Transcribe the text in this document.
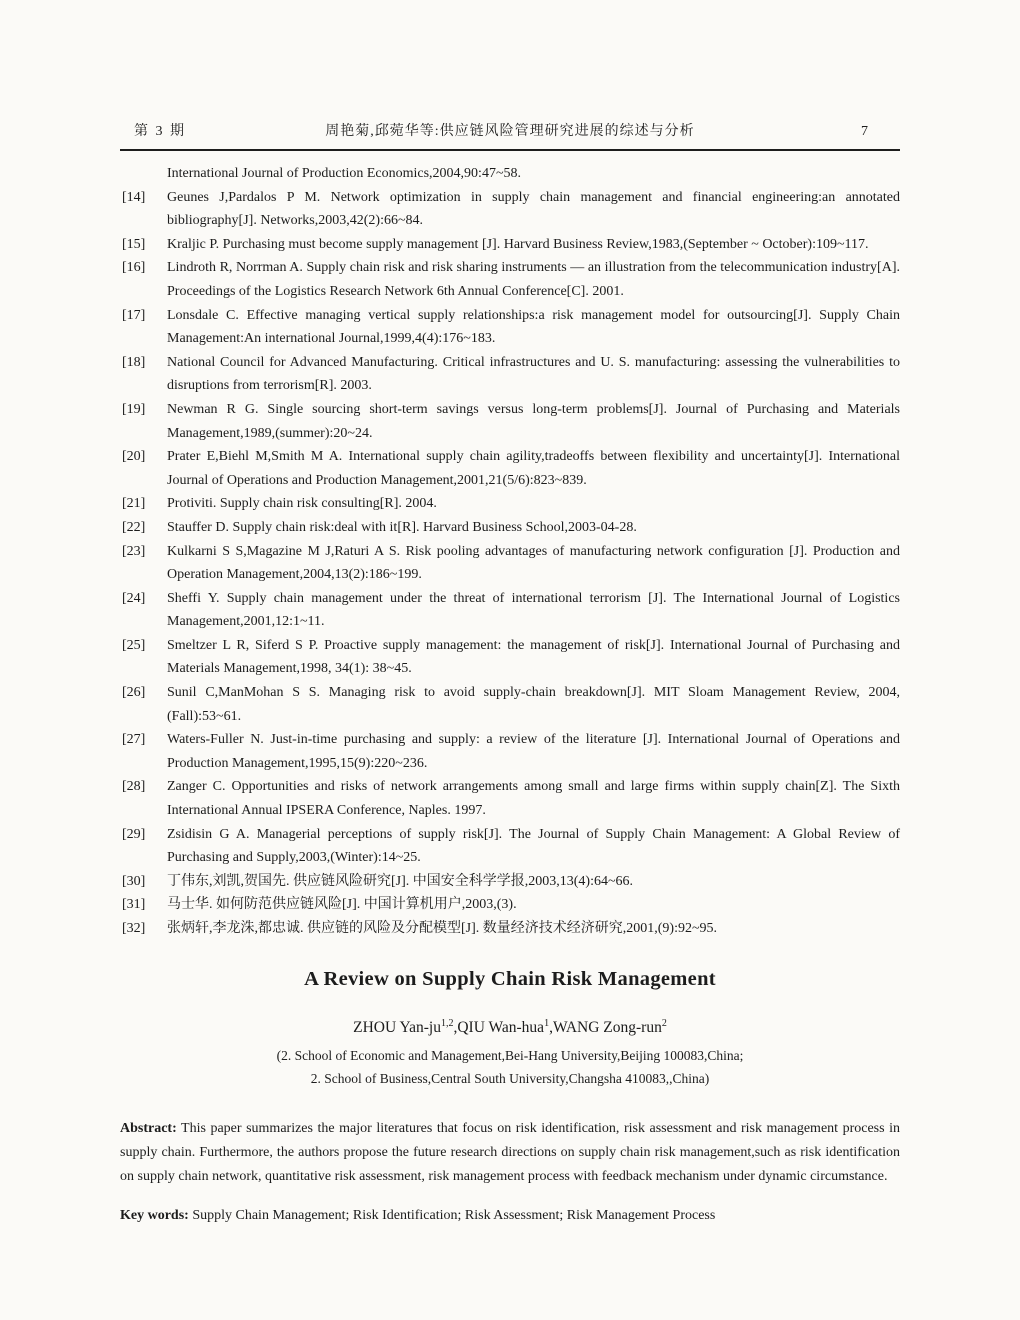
第 3 期	周艳菊,邱菀华等:供应链风险管理研究进展的综述与分析	7
International Journal of Production Economics,2004,90:47~58.
[14] Geunes J,Pardalos P M. Network optimization in supply chain management and financial engineering:an annotated bibliography[J]. Networks,2003,42(2):66~84.
[15] Kraljic P. Purchasing must become supply management [J]. Harvard Business Review,1983,(September ~ October):109~117.
[16] Lindroth R, Norrman A. Supply chain risk and risk sharing instruments — an illustration from the telecommunication industry[A]. Proceedings of the Logistics Research Network 6th Annual Conference[C]. 2001.
[17] Lonsdale C. Effective managing vertical supply relationships:a risk management model for outsourcing[J]. Supply Chain Management:An international Journal,1999,4(4):176~183.
[18] National Council for Advanced Manufacturing. Critical infrastructures and U. S. manufacturing: assessing the vulnerabilities to disruptions from terrorism[R]. 2003.
[19] Newman R G. Single sourcing short-term savings versus long-term problems[J]. Journal of Purchasing and Materials Management,1989,(summer):20~24.
[20] Prater E,Biehl M,Smith M A. International supply chain agility,tradeoffs between flexibility and uncertainty[J]. International Journal of Operations and Production Management,2001,21(5/6):823~839.
[21] Protiviti. Supply chain risk consulting[R]. 2004.
[22] Stauffer D. Supply chain risk:deal with it[R]. Harvard Business School,2003-04-28.
[23] Kulkarni S S,Magazine M J,Raturi A S. Risk pooling advantages of manufacturing network configuration [J]. Production and Operation Management,2004,13(2):186~199.
[24] Sheffi Y. Supply chain management under the threat of international terrorism [J]. The International Journal of Logistics Management,2001,12:1~11.
[25] Smeltzer L R, Siferd S P. Proactive supply management: the management of risk[J]. International Journal of Purchasing and Materials Management,1998, 34(1): 38~45.
[26] Sunil C,ManMohan S S. Managing risk to avoid supply-chain breakdown[J]. MIT Sloam Management Review, 2004,(Fall):53~61.
[27] Waters-Fuller N. Just-in-time purchasing and supply: a review of the literature [J]. International Journal of Operations and Production Management,1995,15(9):220~236.
[28] Zanger C. Opportunities and risks of network arrangements among small and large firms within supply chain[Z]. The Sixth International Annual IPSERA Conference, Naples. 1997.
[29] Zsidisin G A. Managerial perceptions of supply risk[J]. The Journal of Supply Chain Management: A Global Review of Purchasing and Supply,2003,(Winter):14~25.
[30] 丁伟东,刘凯,贺国先. 供应链风险研究[J]. 中国安全科学学报,2003,13(4):64~66.
[31] 马士华. 如何防范供应链风险[J]. 中国计算机用户,2003,(3).
[32] 张炳轩,李龙洙,都忠诚. 供应链的风险及分配模型[J]. 数量经济技术经济研究,2001,(9):92~95.
A Review on Supply Chain Risk Management
ZHOU Yan-ju$^{1,2}$,QIU Wan-hua$^1$,WANG Zong-run$^2$
(2. School of Economic and Management,Bei-Hang University,Beijing 100083,China;
2. School of Business,Central South University,Changsha 410083,,China)

Abstract: This paper summarizes the major literatures that focus on risk identification, risk assessment and risk management process in supply chain. Furthermore, the authors propose the future research directions on supply chain risk management,such as risk identification on supply chain network, quantitative risk assessment, risk management process with feedback mechanism under dynamic circumstance.

Key words: Supply Chain Management; Risk Identification; Risk Assessment; Risk Management Process
